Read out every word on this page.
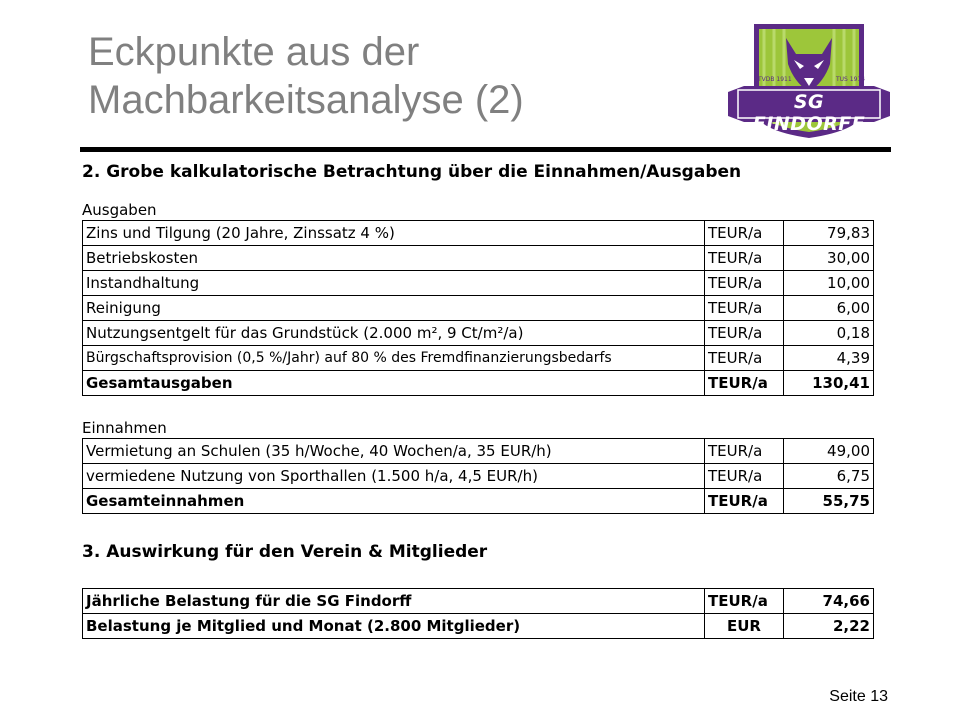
Eckpunkte aus der
Machbarkeitsanalyse (2)	SG FINDORFF
TVDB 1911	TUS 1914
2. Grobe kalkulatorische Betrachtung über die Einnahmen/Ausgaben
Ausgaben
Zins und Tilgung (20 Jahre, Zinssatz 4 %)	TEUR/a	79,83
Betriebskosten	TEUR/a	30,00
Instandhaltung	TEUR/a	10,00
Reinigung	TEUR/a	6,00
Nutzungsentgelt für das Grundstück (2.000 m², 9 Ct/m²/a)	TEUR/a	0,18
Bürgschaftsprovision (0,5 %/Jahr) auf 80 % des Fremdfinanzierungsbedarfs	TEUR/a	4,39
Gesamtausgaben	TEUR/a	130,41
Einnahmen
Vermietung an Schulen (35 h/Woche, 40 Wochen/a, 35 EUR/h)	TEUR/a	49,00
vermiedene Nutzung von Sporthallen (1.500 h/a, 4,5 EUR/h)	TEUR/a	6,75
Gesamteinnahmen	TEUR/a	55,75
3. Auswirkung für den Verein & Mitglieder
Jährliche Belastung für die SG Findorff	TEUR/a	74,66
Belastung je Mitglied und Monat (2.800 Mitglieder)	EUR	2,22
Seite 13
